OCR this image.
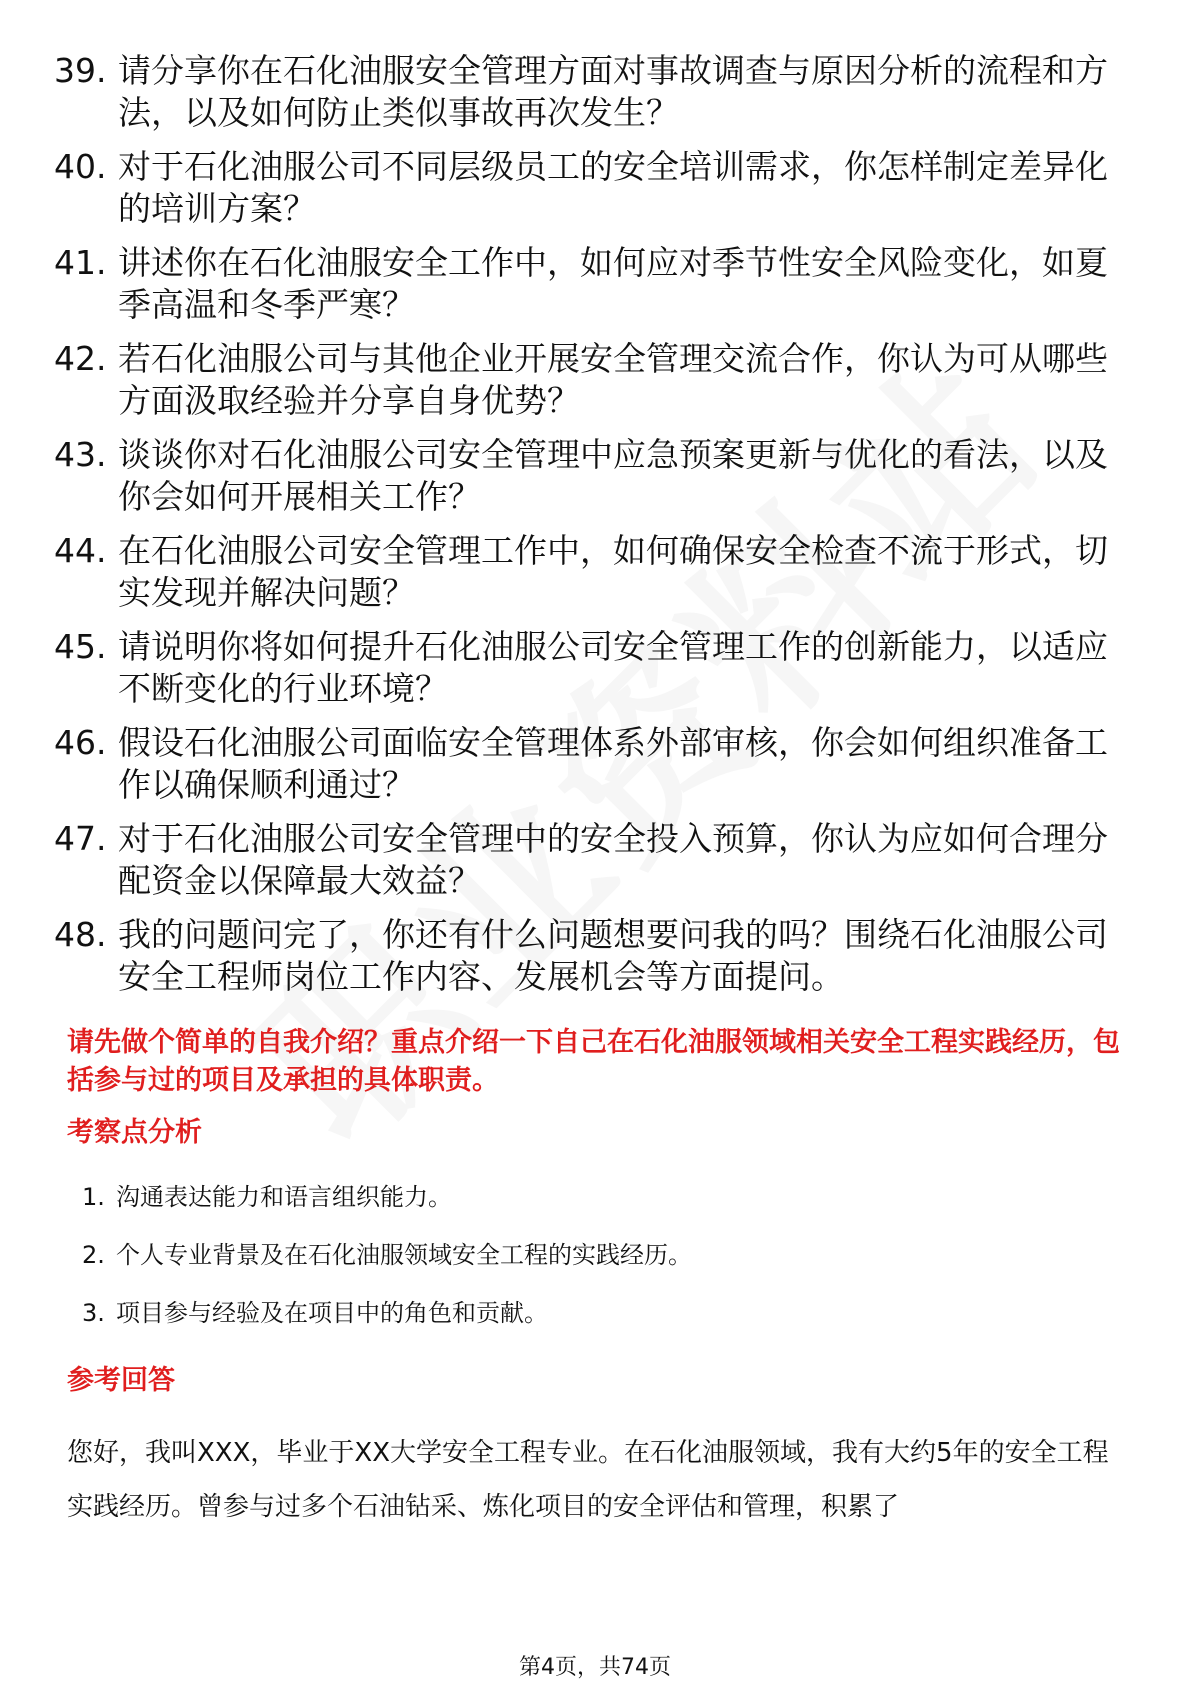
39. 请分享你在石化油服安全管理方面对事故调查与原因分析的流程和方法，以及如何防止类似事故再次发生？
40. 对于石化油服公司不同层级员工的安全培训需求，你怎样制定差异化的培训方案？
41. 讲述你在石化油服安全工作中，如何应对季节性安全风险变化，如夏季高温和冬季严寒？
42. 若石化油服公司与其他企业开展安全管理交流合作，你认为可从哪些方面汲取经验并分享自身优势？
43. 谈谈你对石化油服公司安全管理中应急预案更新与优化的看法，以及你会如何开展相关工作？
44. 在石化油服公司安全管理工作中，如何确保安全检查不流于形式，切实发现并解决问题？
45. 请说明你将如何提升石化油服公司安全管理工作的创新能力，以适应不断变化的行业环境？
46. 假设石化油服公司面临安全管理体系外部审核，你会如何组织准备工作以确保顺利通过？
47. 对于石化油服公司安全管理中的安全投入预算，你认为应如何合理分配资金以保障最大效益？
48. 我的问题问完了，你还有什么问题想要问我的吗？围绕石化油服公司安全工程师岗位工作内容、发展机会等方面提问。
请先做个简单的自我介绍？重点介绍一下自己在石化油服领域相关安全工程实践经历，包括参与过的项目及承担的具体职责。
考察点分析
1. 沟通表达能力和语言组织能力。
2. 个人专业背景及在石化油服领域安全工程的实践经历。
3. 项目参与经验及在项目中的角色和贡献。
参考回答
您好，我叫XXX，毕业于XX大学安全工程专业。在石化油服领域，我有大约5年的安全工程实践经历。曾参与过多个石油钻采、炼化项目的安全评估和管理，积累了
第4页，共74页
